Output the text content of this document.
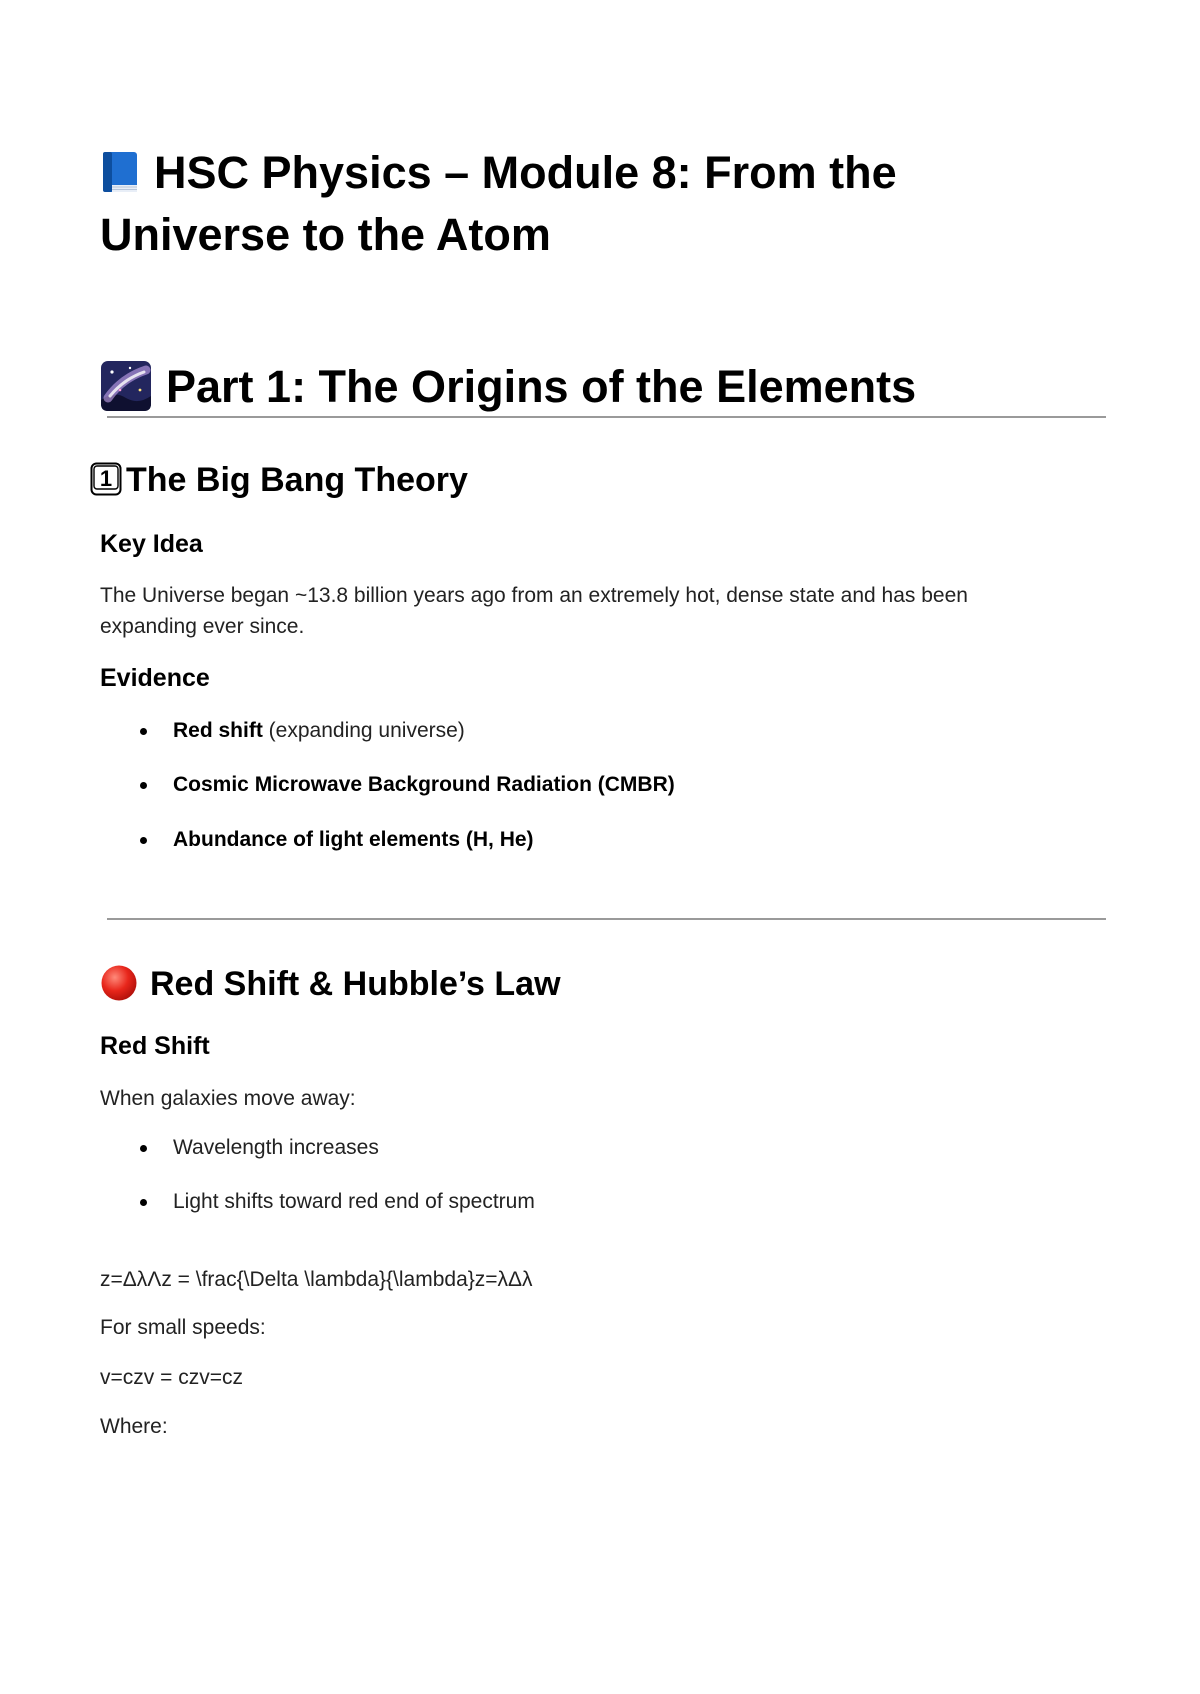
HSC Physics – Module 8: From the Universe to the Atom
Part 1: The Origins of the Elements
1 The Big Bang Theory
Key Idea

The Universe began ~13.8 billion years ago from an extremely hot, dense state and has been expanding ever since.

Evidence
Red shift (expanding universe)
Cosmic Microwave Background Radiation (CMBR)
Abundance of light elements (H, He)
Red Shift & Hubble’s Law
Red Shift

When galaxies move away:

Wavelength increases
Light shifts toward red end of spectrum

z=ΔλΛz = \frac{\Delta \lambda}{\lambda}z=λΔλ

For small speeds:

v=czv = czv=cz

Where:
